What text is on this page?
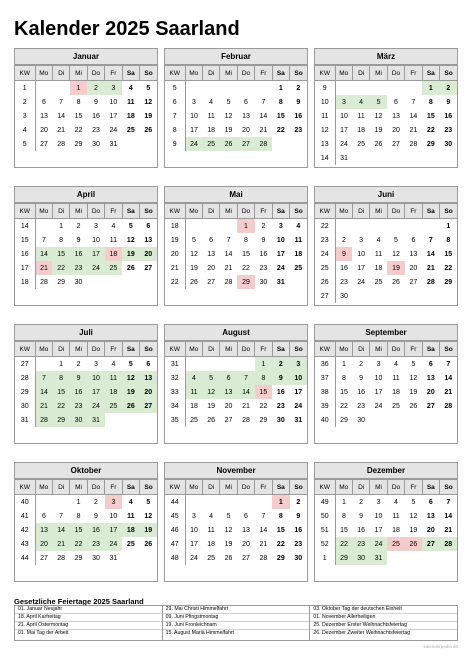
Kalender 2025 Saarland
Januar
KW	Mo	Di	Mi	Do	Fr	Sa	So
1			1	2	3	4	5
2	6	7	8	9	10	11	12
3	13	14	15	16	17	18	19
4	20	21	22	23	24	25	26
5	27	28	29	30	31		
Februar
KW	Mo	Di	Mi	Do	Fr	Sa	So
5						1	2
6	3	4	5	6	7	8	9
7	10	11	12	13	14	15	16
8	17	18	19	20	21	22	23
9	24	25	26	27	28		
März
KW	Mo	Di	Mi	Do	Fr	Sa	So
9						1	2
10	3	4	5	6	7	8	9
11	10	11	12	13	14	15	16
12	17	18	19	20	21	22	23
13	24	25	26	27	28	29	30
14	31						
April
KW	Mo	Di	Mi	Do	Fr	Sa	So
14		1	2	3	4	5	6
15	7	8	9	10	11	12	13
16	14	15	16	17	18	19	20
17	21	22	23	24	25	26	27
18	28	29	30				
Mai
KW	Mo	Di	Mi	Do	Fr	Sa	So
18				1	2	3	4
19	5	6	7	8	9	10	11
20	12	13	14	15	16	17	18
21	19	20	21	22	23	24	25
22	26	27	28	29	30	31	
Juni
KW	Mo	Di	Mi	Do	Fr	Sa	So
22							1
23	2	3	4	5	6	7	8
24	9	10	11	12	13	14	15
25	16	17	18	19	20	21	22
26	23	24	25	26	27	28	29
27	30						
Juli
KW	Mo	Di	Mi	Do	Fr	Sa	So
27		1	2	3	4	5	6
28	7	8	9	10	11	12	13
29	14	15	16	17	18	19	20
30	21	22	23	24	25	26	27
31	28	29	30	31			
August
KW	Mo	Di	Mi	Do	Fr	Sa	So
31					1	2	3
32	4	5	6	7	8	9	10
33	11	12	13	14	15	16	17
34	18	19	20	21	22	23	24
35	25	26	27	28	29	30	31
September
KW	Mo	Di	Mi	Do	Fr	Sa	So
36	1	2	3	4	5	6	7
37	8	9	10	11	12	13	14
38	15	16	17	18	19	20	21
39	22	23	24	25	26	27	28
40	29	30					
Oktober
KW	Mo	Di	Mi	Do	Fr	Sa	So
40			1	2	3	4	5
41	6	7	8	9	10	11	12
42	13	14	15	16	17	18	19
43	20	21	22	23	24	25	26
44	27	28	29	30	31		
November
KW	Mo	Di	Mi	Do	Fr	Sa	So
44						1	2
45	3	4	5	6	7	8	9
46	10	11	12	13	14	15	16
47	17	18	19	20	21	22	23
48	24	25	26	27	28	29	30
Dezember
KW	Mo	Di	Mi	Do	Fr	Sa	So
49	1	2	3	4	5	6	7
50	8	9	10	11	12	13	14
51	15	16	17	18	19	20	21
52	22	23	24	25	26	27	28
1	29	30	31				
Gesetzliche Feiertage 2025 Saarland
01. Januar Neujahr
18. April Karfreitag
21. April Ostermontag
01. Mai Tag der Arbeit
29. Mai Christi Himmelfahrt
09. Juni Pfingstmontag
19. Juni Fronleichnam
15. August Mariä Himmelfahrt
03. Oktober Tag der deutschen Einheit
01. November Allerheiligen
25. Dezember Erster Weihnachtsfeiertag
26. Dezember Zweiter Weihnachtsfeiertag
kalenderpedia.de
